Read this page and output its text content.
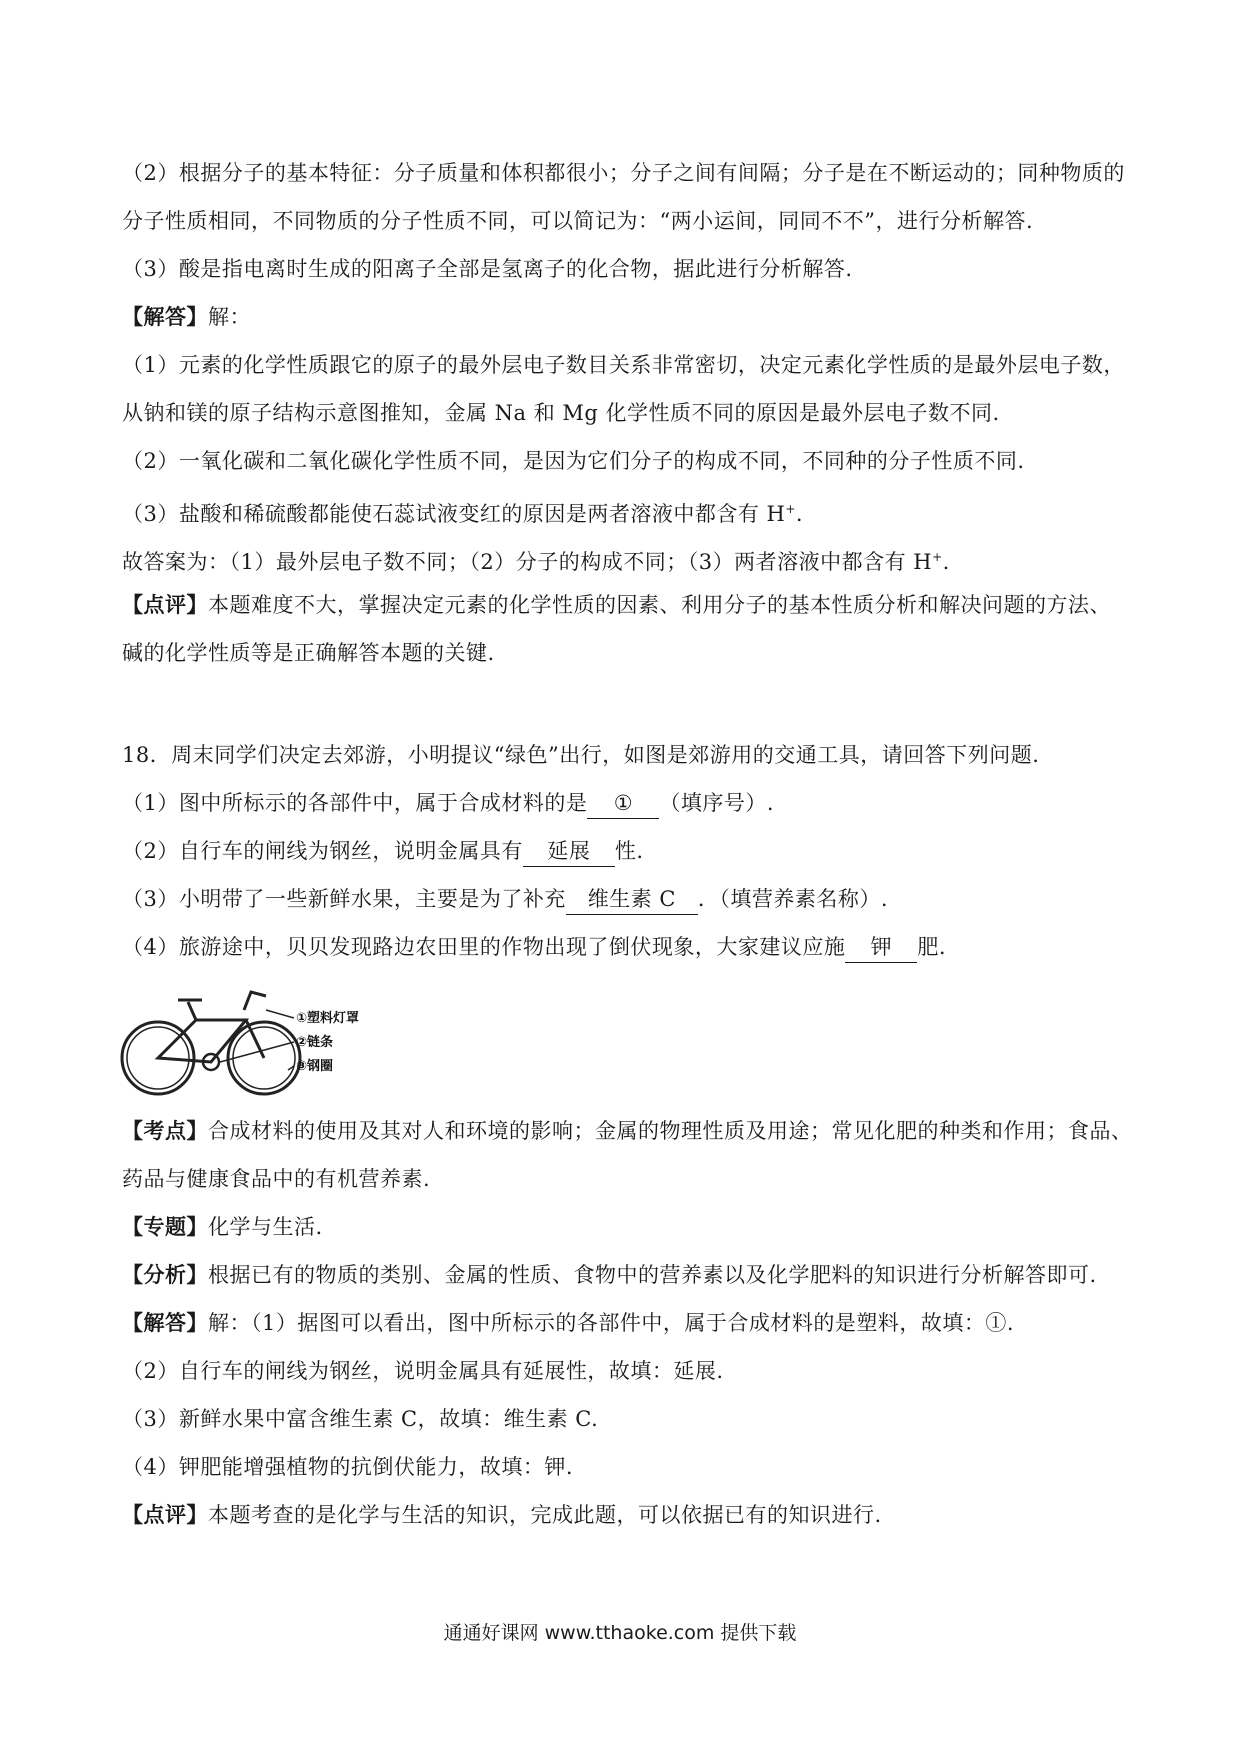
（2）根据分子的基本特征：分子质量和体积都很小；分子之间有间隔；分子是在不断运动的；同种物质的
分子性质相同，不同物质的分子性质不同，可以简记为：“两小运间，同同不不”，进行分析解答.
（3）酸是指电离时生成的阳离子全部是氢离子的化合物，据此进行分析解答.
【解答】解：
（1）元素的化学性质跟它的原子的最外层电子数目关系非常密切，决定元素化学性质的是最外层电子数，
从钠和镁的原子结构示意图推知，金属 Na 和 Mg 化学性质不同的原因是最外层电子数不同.
（2）一氧化碳和二氧化碳化学性质不同，是因为它们分子的构成不同，不同种的分子性质不同.
（3）盐酸和稀硫酸都能使石蕊试液变红的原因是两者溶液中都含有 H+.
故答案为：（1）最外层电子数不同；（2）分子的构成不同；（3）两者溶液中都含有 H+.
【点评】本题难度不大，掌握决定元素的化学性质的因素、利用分子的基本性质分析和解决问题的方法、
碱的化学性质等是正确解答本题的关键.
18．周末同学们决定去郊游，小明提议“绿色”出行，如图是郊游用的交通工具，请回答下列问题.
（1）图中所标示的各部件中，属于合成材料的是 ① （填序号）.
（2）自行车的闸线为钢丝，说明金属具有 延展 性.
（3）小明带了一些新鲜水果，主要是为了补充 维生素 C ．（填营养素名称）.
（4）旅游途中，贝贝发现路边农田里的作物出现了倒伏现象，大家建议应施 钾 肥.
①塑料灯罩
②链条
③钢圈
【考点】合成材料的使用及其对人和环境的影响；金属的物理性质及用途；常见化肥的种类和作用；食品、
药品与健康食品中的有机营养素.
【专题】化学与生活.
【分析】根据已有的物质的类别、金属的性质、食物中的营养素以及化学肥料的知识进行分析解答即可.
【解答】解：（1）据图可以看出，图中所标示的各部件中，属于合成材料的是塑料，故填：①.
（2）自行车的闸线为钢丝，说明金属具有延展性，故填：延展.
（3）新鲜水果中富含维生素 C，故填：维生素 C.
（4）钾肥能增强植物的抗倒伏能力，故填：钾.
【点评】本题考查的是化学与生活的知识，完成此题，可以依据已有的知识进行.
通通好课网 www.tthaoke.com 提供下载
